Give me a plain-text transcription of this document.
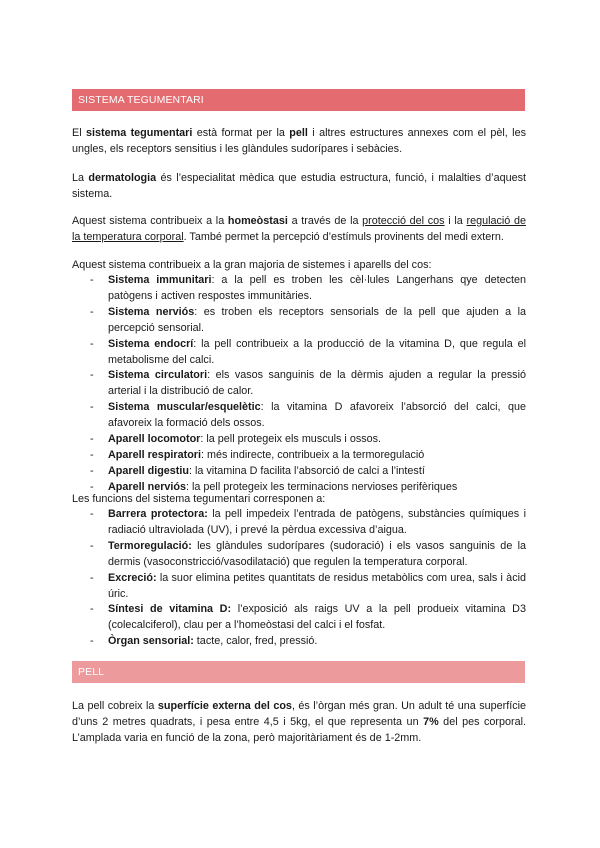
SISTEMA TEGUMENTARI
El sistema tegumentari està format per la pell i altres estructures annexes com el pèl, les ungles, els receptors sensitius i les glàndules sudorípares i sebàcies.
La dermatologia és l’especialitat mèdica que estudia estructura, funció, i malalties d’aquest sistema.
Aquest sistema contribueix a la homeòstasi a través de la protecció del cos i la regulació de la temperatura corporal. També permet la percepció d’estímuls provinents del medi extern.
Aquest sistema contribueix a la gran majoria de sistemes i aparells del cos:
- Sistema immunitari: a la pell es troben les cèl·lules Langerhans qye detecten patògens i activen respostes immunitàries.
- Sistema nerviós: es troben els receptors sensorials de la pell que ajuden a la percepció sensorial.
- Sistema endocrí: la pell contribueix a la producció de la vitamina D, que regula el metabolisme del calci.
- Sistema circulatori: els vasos sanguinis de la dèrmis ajuden a regular la pressió arterial i la distribució de calor.
- Sistema muscular/esquelètic: la vitamina D afavoreix l’absorció del calci, que afavoreix la formació dels ossos.
- Aparell locomotor: la pell protegeix els musculs i ossos.
- Aparell respiratori: més indirecte, contribueix a la termoregulació
- Aparell digestiu: la vitamina D facilita l’absorció de calci a l’intestí
- Aparell nerviós: la pell protegeix les terminacions nervioses perifèriques
Les funcions del sistema tegumentari corresponen a:
- Barrera protectora: la pell impedeix l’entrada de patògens, substàncies químiques i radiació ultraviolada (UV), i prevé la pèrdua excessiva d’aigua.
- Termoregulació: les glàndules sudorípares (sudoració) i els vasos sanguinis de la dermis (vasoconstricció/vasodilatació) que regulen la temperatura corporal.
- Excreció: la suor elimina petites quantitats de residus metabòlics com urea, sals i àcid úric.
- Síntesi de vitamina D: l’exposició als raigs UV a la pell produeix vitamina D3 (colecalciferol), clau per a l’homeòstasi del calci i el fosfat.
- Òrgan sensorial: tacte, calor, fred, pressió.
PELL
La pell cobreix la superfície externa del cos, és l’òrgan més gran. Un adult té una superfície d’uns 2 metres quadrats, i pesa entre 4,5 i 5kg, el que representa un 7% del pes corporal. L’amplada varia en funció de la zona, però majoritàriament és de 1-2mm.
